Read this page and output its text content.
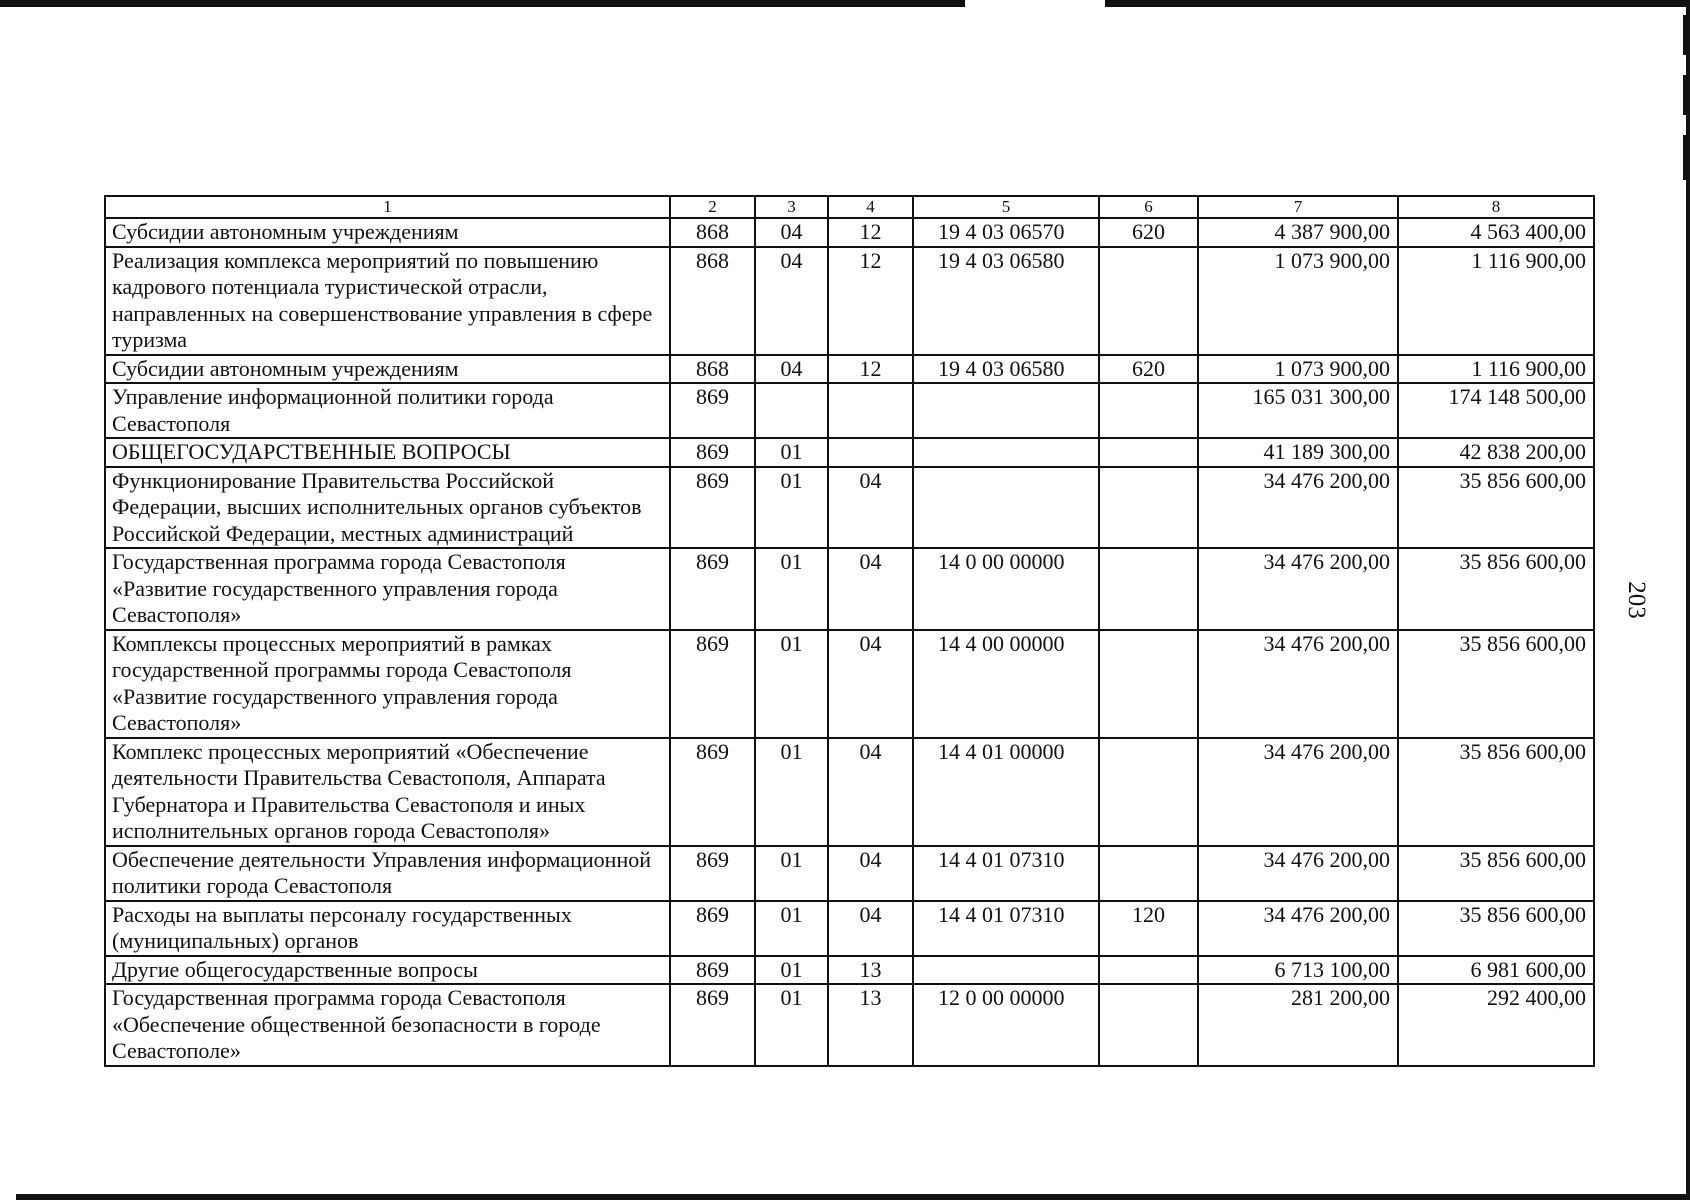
203
1	2	3	4	5	6	7	8
Субсидии автономным учреждениям	868	04	12	19 4 03 06570	620	4 387 900,00	4 563 400,00
Реализация комплекса мероприятий по повышению кадрового потенциала туристической отрасли, направленных на совершенствование управления в сфере туризма	868	04	12	19 4 03 06580		1 073 900,00	1 116 900,00
Субсидии автономным учреждениям	868	04	12	19 4 03 06580	620	1 073 900,00	1 116 900,00
Управление информационной политики города Севастополя	869					165 031 300,00	174 148 500,00
ОБЩЕГОСУДАРСТВЕННЫЕ ВОПРОСЫ	869	01				41 189 300,00	42 838 200,00
Функционирование Правительства Российской Федерации, высших исполнительных органов субъектов Российской Федерации, местных администраций	869	01	04			34 476 200,00	35 856 600,00
Государственная программа города Севастополя «Развитие государственного управления города Севастополя»	869	01	04	14 0 00 00000		34 476 200,00	35 856 600,00
Комплексы процессных мероприятий в рамках государственной программы города Севастополя «Развитие государственного управления города Севастополя»	869	01	04	14 4 00 00000		34 476 200,00	35 856 600,00
Комплекс процессных мероприятий «Обеспечение деятельности Правительства Севастополя, Аппарата Губернатора и Правительства Севастополя и иных исполнительных органов города Севастополя»	869	01	04	14 4 01 00000		34 476 200,00	35 856 600,00
Обеспечение деятельности Управления информационной политики города Севастополя	869	01	04	14 4 01 07310		34 476 200,00	35 856 600,00
Расходы на выплаты персоналу государственных (муниципальных) органов	869	01	04	14 4 01 07310	120	34 476 200,00	35 856 600,00
Другие общегосударственные вопросы	869	01	13			6 713 100,00	6 981 600,00
Государственная программа города Севастополя «Обеспечение общественной безопасности в городе Севастополе»	869	01	13	12 0 00 00000		281 200,00	292 400,00
